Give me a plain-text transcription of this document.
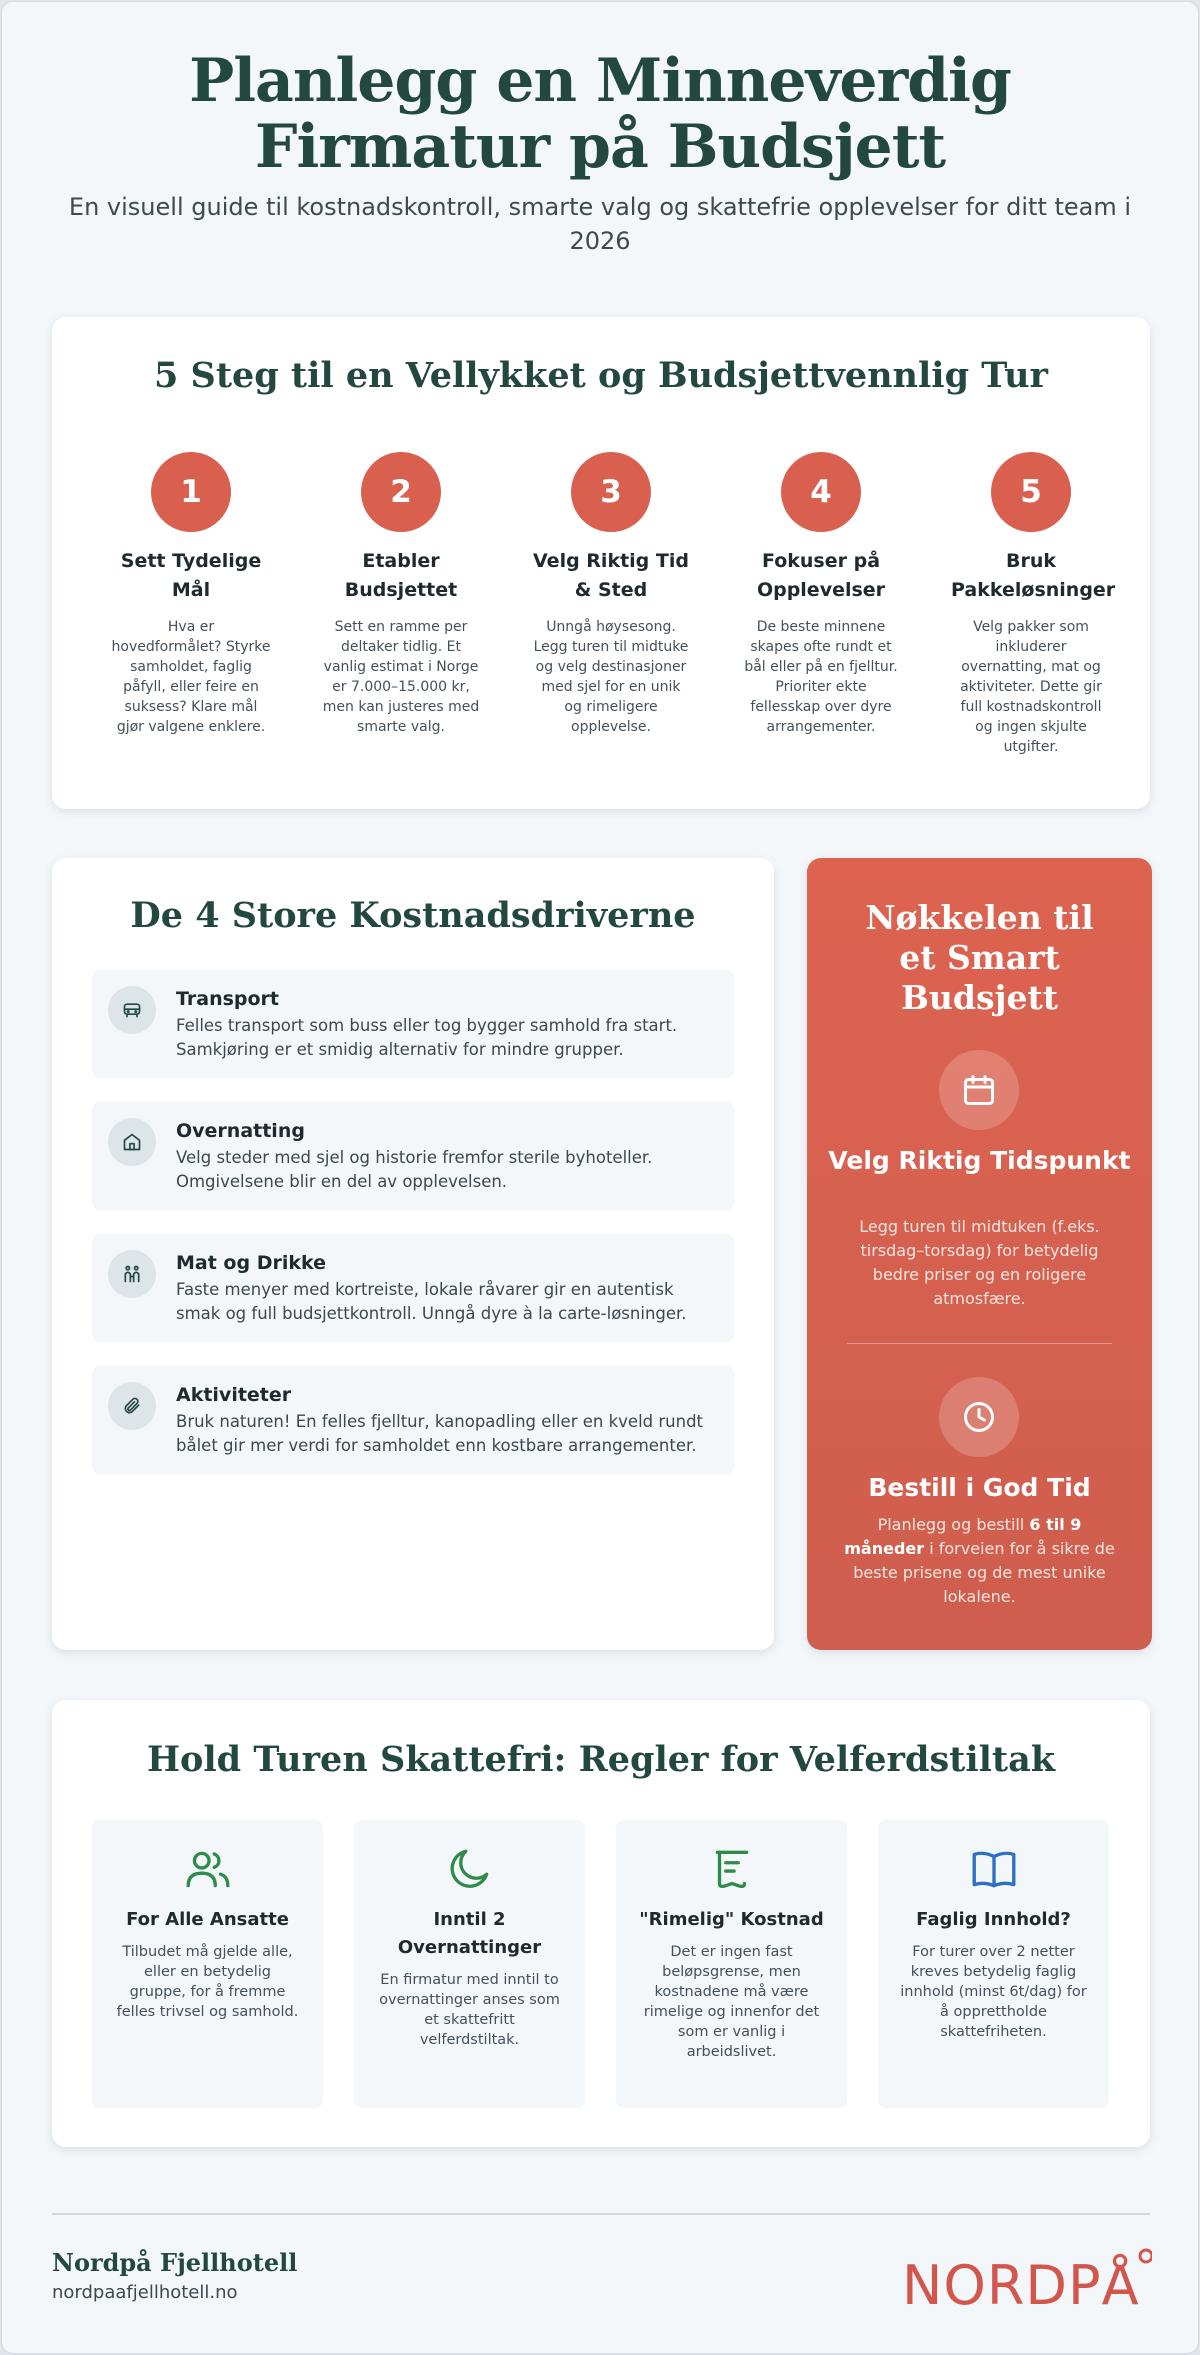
Planlegg en Minneverdig Firmatur på Budsjett

En visuell guide til kostnadskontroll, smarte valg og skattefrie opplevelser for ditt team i 2026

5 Steg til en Vellykket og Budsjettvennlig Tur
1
Sett Tydelige Mål

Hva er hovedformålet? Styrke samholdet, faglig påfyll, eller feire en suksess? Klare mål gjør valgene enklere.

2
Etabler Budsjettet

Sett en ramme per deltaker tidlig. Et vanlig estimat i Norge er 7.000–15.000 kr, men kan justeres med smarte valg.

3
Velg Riktig Tid & Sted

Unngå høysesong. Legg turen til midtuke og velg destinasjoner med sjel for en unik og rimeligere opplevelse.

4
Fokuser på Opplevelser

De beste minnene skapes ofte rundt et bål eller på en fjelltur. Prioriter ekte fellesskap over dyre arrangementer.

5
Bruk Pakkeløsninger

Velg pakker som inkluderer overnatting, mat og aktiviteter. Dette gir full kostnadskontroll og ingen skjulte utgifter.

De 4 Store Kostnadsdriverne
Transport

Felles transport som buss eller tog bygger samhold fra start. Samkjøring er et smidig alternativ for mindre grupper.

Overnatting

Velg steder med sjel og historie fremfor sterile byhoteller. Omgivelsene blir en del av opplevelsen.

Mat og Drikke

Faste menyer med kortreiste, lokale råvarer gir en autentisk smak og full budsjettkontroll. Unngå dyre à la carte-løsninger.

Aktiviteter

Bruk naturen! En felles fjelltur, kanopadling eller en kveld rundt bålet gir mer verdi for samholdet enn kostbare arrangementer.

Nøkkelen til et Smart Budsjett
Velg Riktig Tidspunkt

Legg turen til midtuken (f.eks. tirsdag–torsdag) for betydelig bedre priser og en roligere atmosfære.

Bestill i God Tid

Planlegg og bestill 6 til 9 måneder i forveien for å sikre de beste prisene og de mest unike lokalene.

Hold Turen Skattefri: Regler for Velferdstiltak
For Alle Ansatte

Tilbudet må gjelde alle, eller en betydelig gruppe, for å fremme felles trivsel og samhold.

Inntil 2 Overnattinger

En firmatur med inntil to overnattinger anses som et skattefritt velferdstiltak.

"Rimelig" Kostnad

Det er ingen fast beløpsgrense, men kostnadene må være rimelige og innenfor det som er vanlig i arbeidslivet.

Faglig Innhold?

For turer over 2 netter kreves betydelig faglig innhold (minst 6t/dag) for å opprettholde skattefriheten.

Nordpå Fjellhotell
nordpaafjellhotell.no	NORDPÅ
